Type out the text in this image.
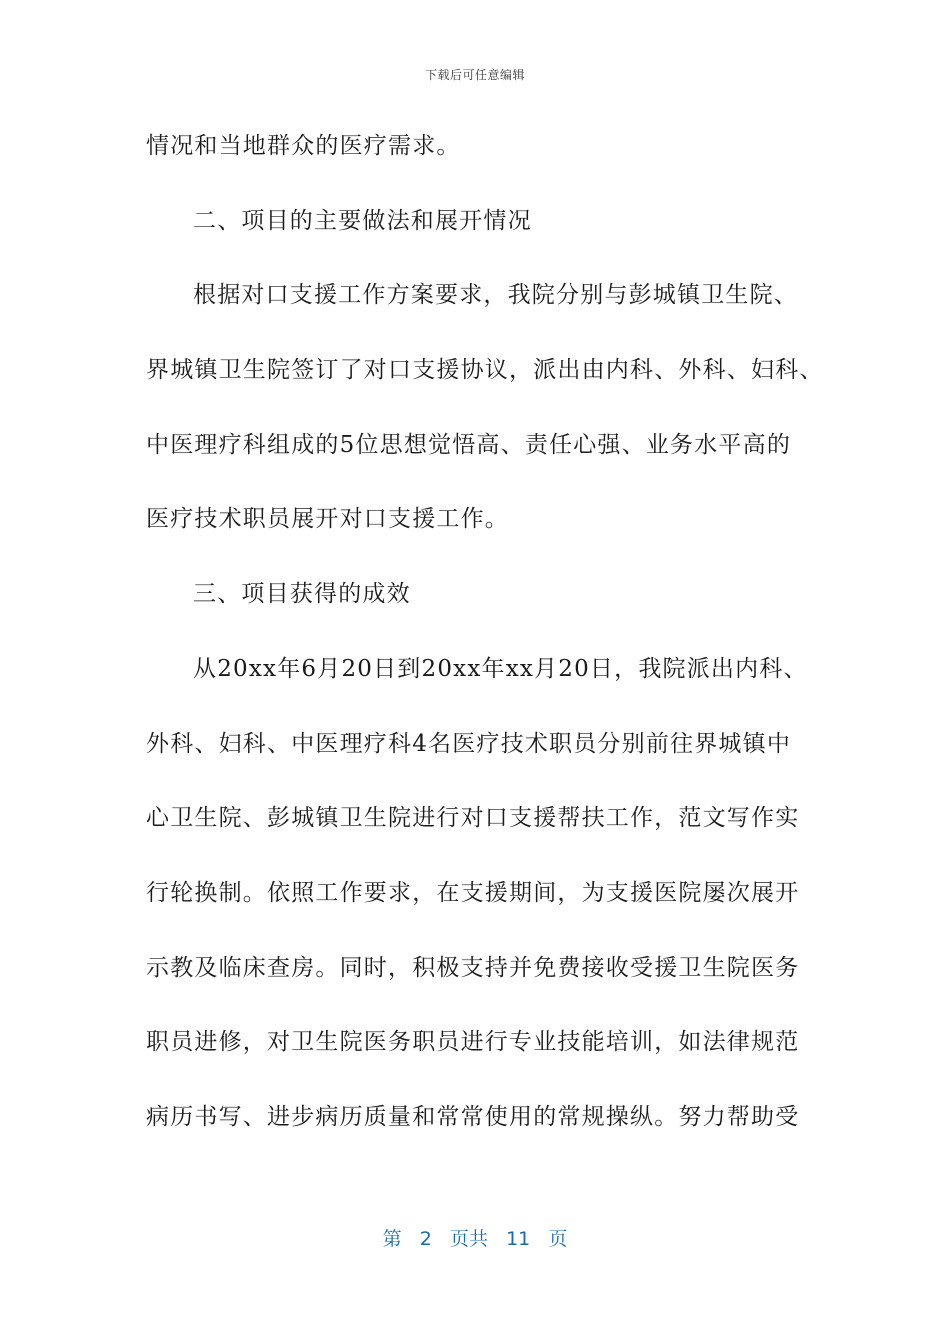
下载后可任意编辑
情况和当地群众的医疗需求。
二、项目的主要做法和展开情况
根据对口支援工作方案要求，我院分别与彭城镇卫生院、
界城镇卫生院签订了对口支援协议，派出由内科、外科、妇科、
中医理疗科组成的5位思想觉悟高、责任心强、业务水平高的
医疗技术职员展开对口支援工作。
三、项目获得的成效
从20xx年6月20日到20xx年xx月20日，我院派出内科、
外科、妇科、中医理疗科4名医疗技术职员分别前往界城镇中
心卫生院、彭城镇卫生院进行对口支援帮扶工作，范文写作实
行轮换制。依照工作要求，在支援期间，为支援医院屡次展开
示教及临床查房。同时，积极支持并免费接收受援卫生院医务
职员进修，对卫生院医务职员进行专业技能培训，如法律规范
病历书写、进步病历质量和常常使用的常规操纵。努力帮助受
第 2 页共 11 页
